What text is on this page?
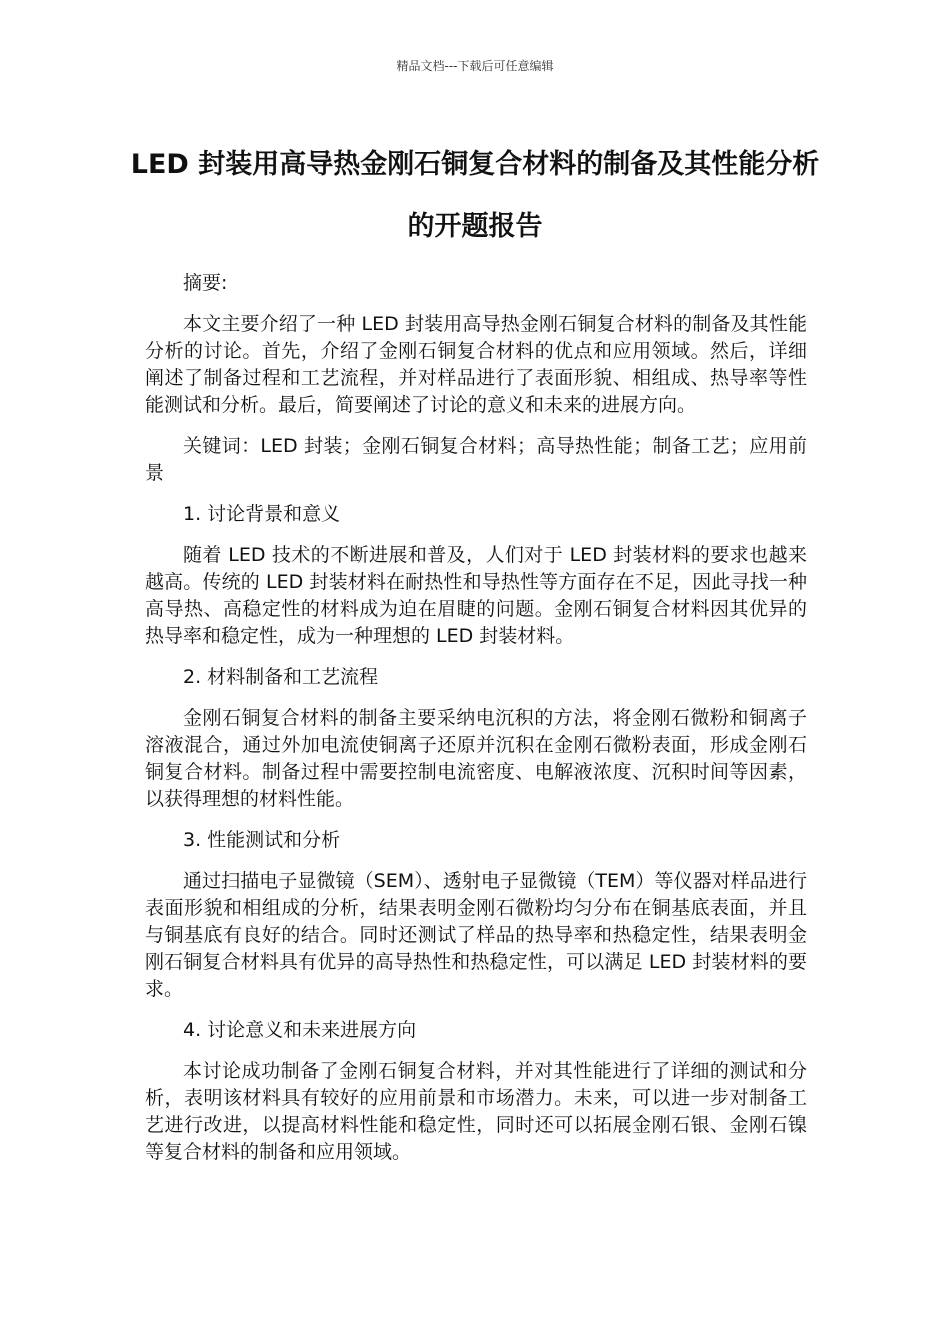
精品文档---下载后可任意编辑
LED 封装用高导热金刚石铜复合材料的制备及其性能分析的开题报告

摘要:

本文主要介绍了一种 LED 封装用高导热金刚石铜复合材料的制备及其性能分析的讨论。首先，介绍了金刚石铜复合材料的优点和应用领域。然后，详细阐述了制备过程和工艺流程，并对样品进行了表面形貌、相组成、热导率等性能测试和分析。最后，简要阐述了讨论的意义和未来的进展方向。

关键词：LED 封装；金刚石铜复合材料；高导热性能；制备工艺；应用前景

1. 讨论背景和意义

随着 LED 技术的不断进展和普及，人们对于 LED 封装材料的要求也越来越高。传统的 LED 封装材料在耐热性和导热性等方面存在不足，因此寻找一种高导热、高稳定性的材料成为迫在眉睫的问题。金刚石铜复合材料因其优异的热导率和稳定性，成为一种理想的 LED 封装材料。

2. 材料制备和工艺流程

金刚石铜复合材料的制备主要采纳电沉积的方法，将金刚石微粉和铜离子溶液混合，通过外加电流使铜离子还原并沉积在金刚石微粉表面，形成金刚石铜复合材料。制备过程中需要控制电流密度、电解液浓度、沉积时间等因素，以获得理想的材料性能。

3. 性能测试和分析

通过扫描电子显微镜（SEM）、透射电子显微镜（TEM）等仪器对样品进行表面形貌和相组成的分析，结果表明金刚石微粉均匀分布在铜基底表面，并且与铜基底有良好的结合。同时还测试了样品的热导率和热稳定性，结果表明金刚石铜复合材料具有优异的高导热性和热稳定性，可以满足 LED 封装材料的要求。

4. 讨论意义和未来进展方向

本讨论成功制备了金刚石铜复合材料，并对其性能进行了详细的测试和分析，表明该材料具有较好的应用前景和市场潜力。未来，可以进一步对制备工艺进行改进，以提高材料性能和稳定性，同时还可以拓展金刚石银、金刚石镍等复合材料的制备和应用领域。
